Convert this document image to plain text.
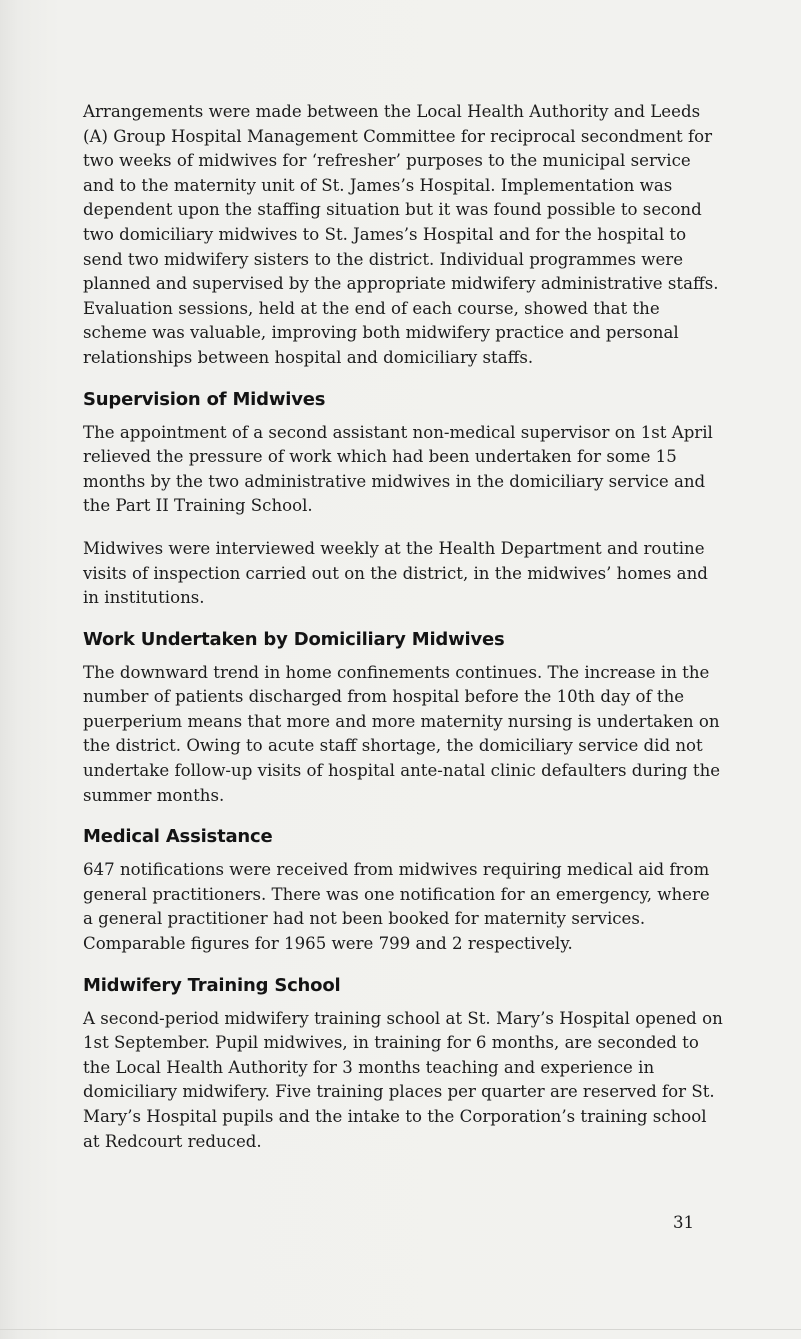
Arrangements were made between the Local Health Authority and Leeds (A) Group Hospital Management Committee for reciprocal secondment for two weeks of midwives for ‘refresher’ purposes to the municipal service and to the maternity unit of St. James’s Hospital. Implementation was dependent upon the staffing situation but it was found possible to second two domiciliary midwives to St. James’s Hospital and for the hospital to send two midwifery sisters to the district. Individual programmes were planned and supervised by the appropriate midwifery administrative staffs. Evaluation sessions, held at the end of each course, showed that the scheme was valuable, improving both midwifery practice and personal relationships between hospital and domiciliary staffs.

Supervision of Midwives

The appointment of a second assistant non-medical supervisor on 1st April relieved the pressure of work which had been undertaken for some 15 months by the two administrative midwives in the domiciliary service and the Part II Training School.

Midwives were interviewed weekly at the Health Department and routine visits of inspection carried out on the district, in the midwives’ homes and in institutions.

Work Undertaken by Domiciliary Midwives

The downward trend in home confinements continues. The increase in the number of patients discharged from hospital before the 10th day of the puerperium means that more and more maternity nursing is undertaken on the district. Owing to acute staff shortage, the domiciliary service did not undertake follow-up visits of hospital ante-natal clinic defaulters during the summer months.

Medical Assistance

647 notifications were received from midwives requiring medical aid from general practitioners. There was one notification for an emergency, where a general practitioner had not been booked for maternity services. Comparable figures for 1965 were 799 and 2 respectively.

Midwifery Training School

A second-period midwifery training school at St. Mary’s Hospital opened on 1st September. Pupil midwives, in training for 6 months, are seconded to the Local Health Authority for 3 months teaching and experience in domiciliary midwifery. Five training places per quarter are reserved for St. Mary’s Hospital pupils and the intake to the Corporation’s training school at Redcourt reduced.

31
